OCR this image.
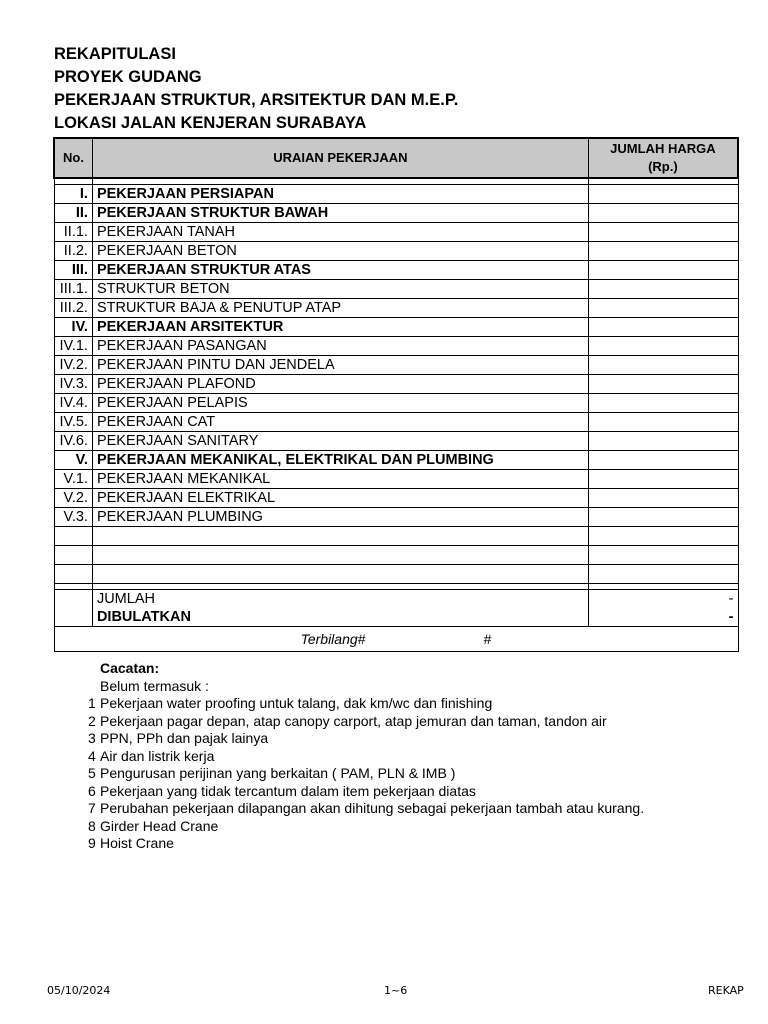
REKAPITULASI
PROYEK GUDANG
PEKERJAAN STRUKTUR, ARSITEKTUR DAN M.E.P.
LOKASI JALAN KENJERAN SURABAYA
No.	URAIAN PEKERJAAN	JUMLAH HARGA
(Rp.)

I.	PEKERJAAN PERSIAPAN	
II.	PEKERJAAN STRUKTUR BAWAH	
II.1.	PEKERJAAN TANAH	
II.2.	PEKERJAAN BETON	
III.	PEKERJAAN STRUKTUR ATAS	
III.1.	STRUKTUR BETON	
III.2.	STRUKTUR BAJA & PENUTUP ATAP	
IV.	PEKERJAAN ARSITEKTUR	
IV.1.	PEKERJAAN PASANGAN	
IV.2.	PEKERJAAN PINTU DAN JENDELA	
IV.3.	PEKERJAAN PLAFOND	
IV.4.	PEKERJAAN PELAPIS	
IV.5.	PEKERJAAN CAT	
IV.6.	PEKERJAAN SANITARY	
V.	PEKERJAAN MEKANIKAL, ELEKTRIKAL DAN PLUMBING	
V.1.	PEKERJAAN MEKANIKAL	
V.2.	PEKERJAAN ELEKTRIKAL	
V.3.	PEKERJAAN PLUMBING	

	JUMLAH	-
	DIBULATKAN	-
Terbilang# #		
Cacatan:
Belum termasuk :
1 Pekerjaan water proofing untuk talang, dak km/wc dan finishing
2 Pekerjaan pagar depan, atap canopy carport, atap jemuran dan taman, tandon air
3 PPN, PPh dan pajak lainya
4 Air dan listrik kerja
5 Pengurusan perijinan yang berkaitan ( PAM, PLN & IMB )
6 Pekerjaan yang tidak tercantum dalam item pekerjaan diatas
7 Perubahan pekerjaan dilapangan akan dihitung sebagai pekerjaan tambah atau kurang.
8 Girder Head Crane
9 Hoist Crane
05/10/2024	1~6	REKAP
